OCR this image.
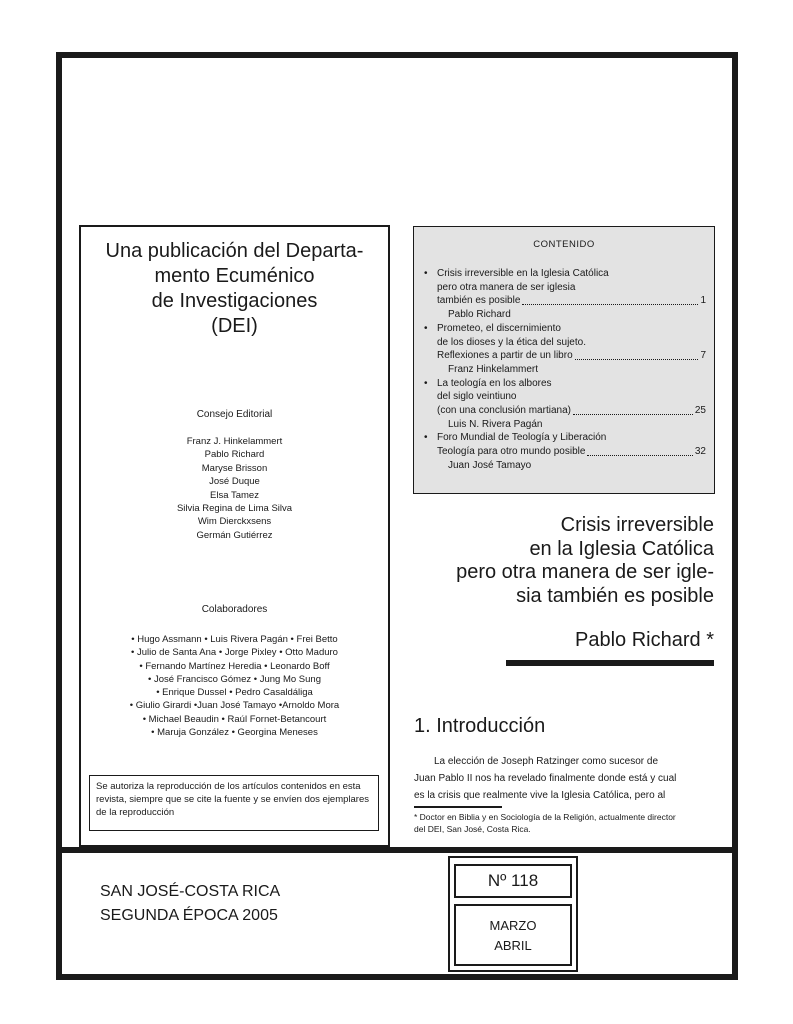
Una publicación del Departa-
mento Ecuménico
de Investigaciones
(DEI)
Consejo Editorial
Franz J. Hinkelammert
Pablo Richard
Maryse Brisson
José Duque
Elsa Tamez
Silvia Regina de Lima Silva
Wim Dierckxsens
Germán Gutiérrez
Colaboradores
• Hugo Assmann • Luis Rivera Pagán • Frei Betto
• Julio de Santa Ana • Jorge Pixley • Otto Maduro
• Fernando Martínez Heredia • Leonardo Boff
• José Francisco Gómez • Jung Mo Sung
• Enrique Dussel • Pedro Casaldáliga
• Giulio Girardi •Juan José Tamayo •Arnoldo Mora
• Michael Beaudin • Raúl Fornet-Betancourt
• Maruja González • Georgina Meneses
Se autoriza la reproducción de los artículos contenidos en esta revista, siempre que se cite la fuente y se envíen dos ejemplares de la reproducción
CONTENIDO
• Crisis irreversible en la Iglesia Católica
pero otra manera de ser iglesia
también es posible	1
Pablo Richard
• Prometeo, el discernimiento
de los dioses y la ética del sujeto.
Reflexiones a partir de un libro	7
Franz Hinkelammert
• La teología en los albores
del siglo veintiuno
(con una conclusión martiana)	25
Luis N. Rivera Pagán
• Foro Mundial de Teología y Liberación
Teología para otro mundo posible	32
Juan José Tamayo
Crisis irreversible
en la Iglesia Católica
pero otra manera de ser igle-
sia también es posible
Pablo Richard *
1. Introducción
La elección de Joseph Ratzinger como sucesor de
Juan Pablo II nos ha revelado finalmente donde está y cual
es la crisis que realmente vive la Iglesia Católica, pero al
* Doctor en Biblia y en Sociología de la Religión, actualmente director
del DEI, San José, Costa Rica.
SAN JOSÉ-COSTA RICA
SEGUNDA ÉPOCA 2005
Nº 118
MARZO
ABRIL
